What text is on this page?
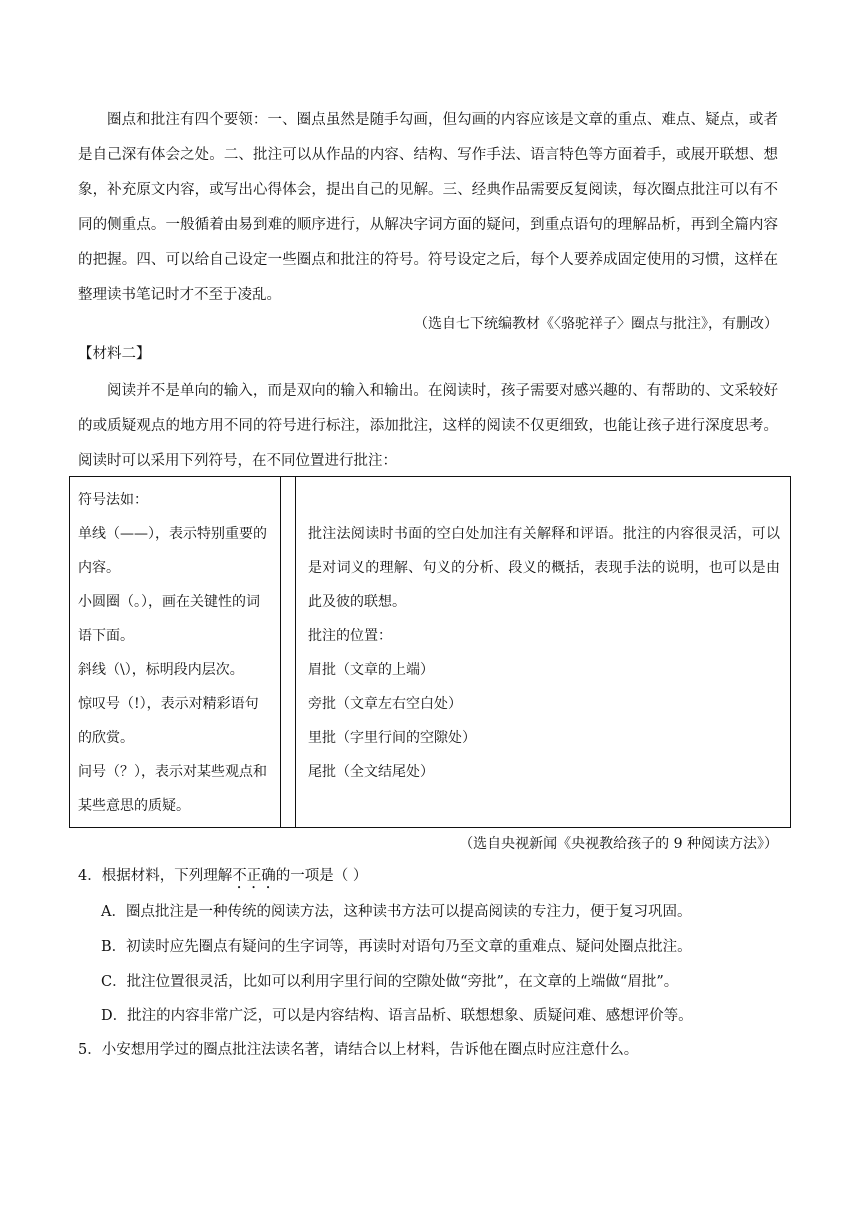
圈点和批注有四个要领：一、圈点虽然是随手勾画，但勾画的内容应该是文章的重点、难点、疑点，或者是自己深有体会之处。二、批注可以从作品的内容、结构、写作手法、语言特色等方面着手，或展开联想、想象，补充原文内容，或写出心得体会，提出自己的见解。三、经典作品需要反复阅读，每次圈点批注可以有不同的侧重点。一般循着由易到难的顺序进行，从解决字词方面的疑问，到重点语句的理解品析，再到全篇内容的把握。四、可以给自己设定一些圈点和批注的符号。符号设定之后，每个人要养成固定使用的习惯，这样在整理读书笔记时才不至于凌乱。
（选自七下统编教材《〈骆驼祥子〉圈点与批注》，有删改）
【材料二】
阅读并不是单向的输入，而是双向的输入和输出。在阅读时，孩子需要对感兴趣的、有帮助的、文采较好的或质疑观点的地方用不同的符号进行标注，添加批注，这样的阅读不仅更细致，也能让孩子进行深度思考。阅读时可以采用下列符号，在不同位置进行批注：
符号法如：
单线（——），表示特别重要的内容。
小圆圈（。），画在关键性的词语下面。
斜线（\），标明段内层次。
惊叹号（!），表示对精彩语句的欣赏。
问号（？），表示对某些观点和某些意思的质疑。

批注法阅读时书面的空白处加注有关解释和评语。批注的内容很灵活，可以是对词义的理解、句义的分析、段义的概括，表现手法的说明，也可以是由此及彼的联想。
批注的位置：
眉批（文章的上端）
旁批（文章左右空白处）
里批（字里行间的空隙处）
尾批（全文结尾处）
（选自央视新闻《央视教给孩子的 9 种阅读方法》）
4．根据材料，下列理解不正确的一项是（ ）
A．圈点批注是一种传统的阅读方法，这种读书方法可以提高阅读的专注力，便于复习巩固。
B．初读时应先圈点有疑问的生字词等，再读时对语句乃至文章的重难点、疑问处圈点批注。
C．批注位置很灵活，比如可以利用字里行间的空隙处做“旁批”，在文章的上端做“眉批”。
D．批注的内容非常广泛，可以是内容结构、语言品析、联想想象、质疑问难、感想评价等。
5．小安想用学过的圈点批注法读名著，请结合以上材料，告诉他在圈点时应注意什么。
